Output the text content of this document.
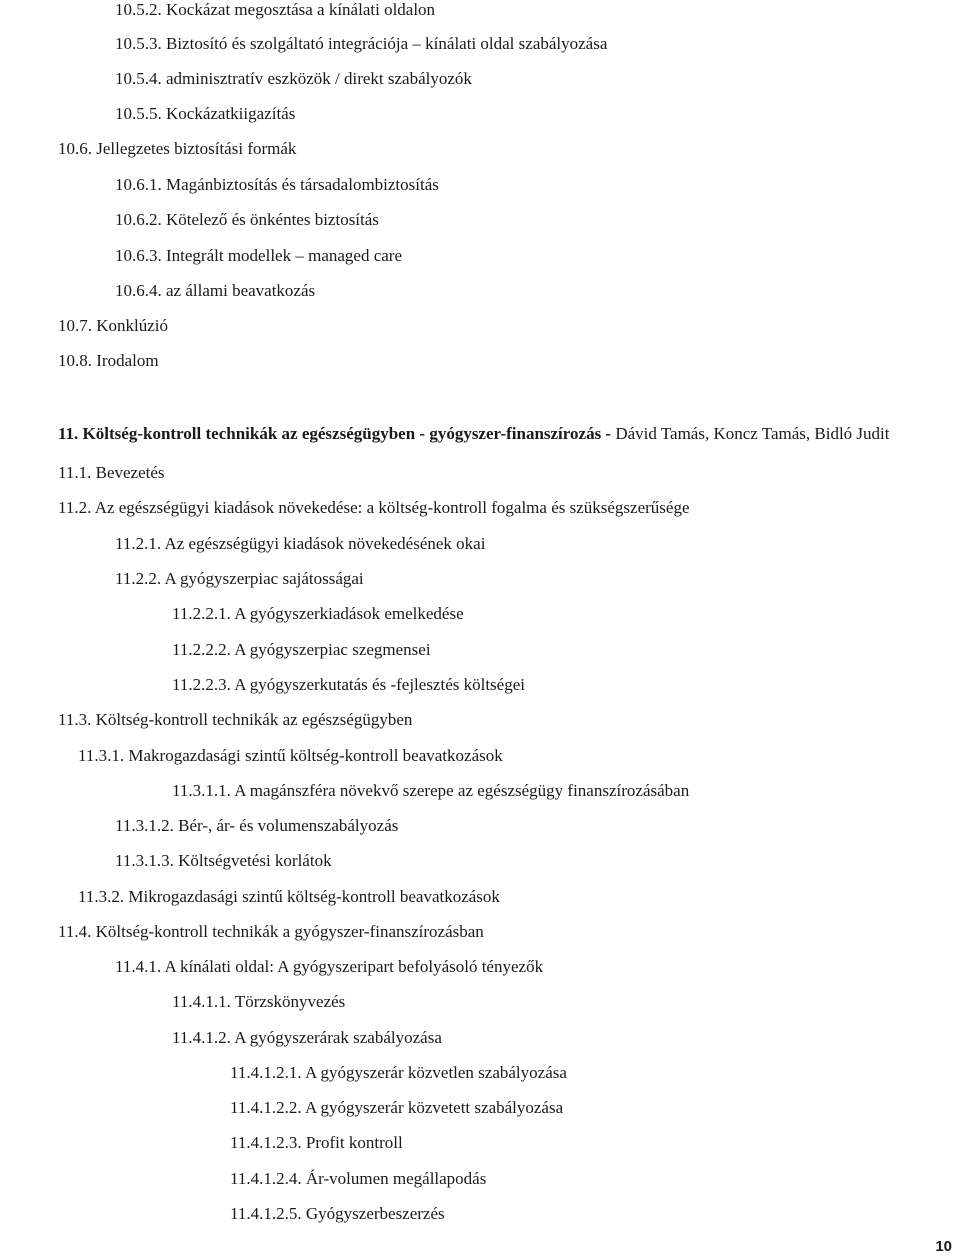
10.5.2. Kockázat megosztása a kínálati oldalon
10.5.3. Biztosító és szolgáltató integrációja – kínálati oldal szabályozása
10.5.4. adminisztratív eszközök / direkt szabályozók
10.5.5. Kockázatkiigazítás
10.6. Jellegzetes biztosítási formák
10.6.1. Magánbiztosítás és társadalombiztosítás
10.6.2. Kötelező és önkéntes biztosítás
10.6.3. Integrált modellek – managed care
10.6.4. az állami beavatkozás
10.7. Konklúzió
10.8. Irodalom
11. Költség-kontroll technikák az egészségügyben - gyógyszer-finanszírozás - Dávid Tamás, Koncz Tamás, Bidló Judit
11.1. Bevezetés
11.2. Az egészségügyi kiadások növekedése: a költség-kontroll fogalma és szükségszerűsége
11.2.1. Az egészségügyi kiadások növekedésének okai
11.2.2. A gyógyszerpiac sajátosságai
11.2.2.1. A gyógyszerkiadások emelkedése
11.2.2.2. A gyógyszerpiac szegmensei
11.2.2.3. A gyógyszerkutatás és -fejlesztés költségei
11.3. Költség-kontroll technikák az egészségügyben
11.3.1. Makrogazdasági szintű költség-kontroll beavatkozások
11.3.1.1. A magánszféra növekvő szerepe az egészségügy finanszírozásában
11.3.1.2. Bér-, ár- és volumenszabályozás
11.3.1.3. Költségvetési korlátok
11.3.2. Mikrogazdasági szintű költség-kontroll beavatkozások
11.4. Költség-kontroll technikák a gyógyszer-finanszírozásban
11.4.1. A kínálati oldal: A gyógyszeripart befolyásoló tényezők
11.4.1.1. Törzskönyvezés
11.4.1.2. A gyógyszerárak szabályozása
11.4.1.2.1. A gyógyszerár közvetlen szabályozása
11.4.1.2.2. A gyógyszerár közvetett szabályozása
11.4.1.2.3. Profit kontroll
11.4.1.2.4. Ár-volumen megállapodás
11.4.1.2.5. Gyógyszerbeszerzés
10
